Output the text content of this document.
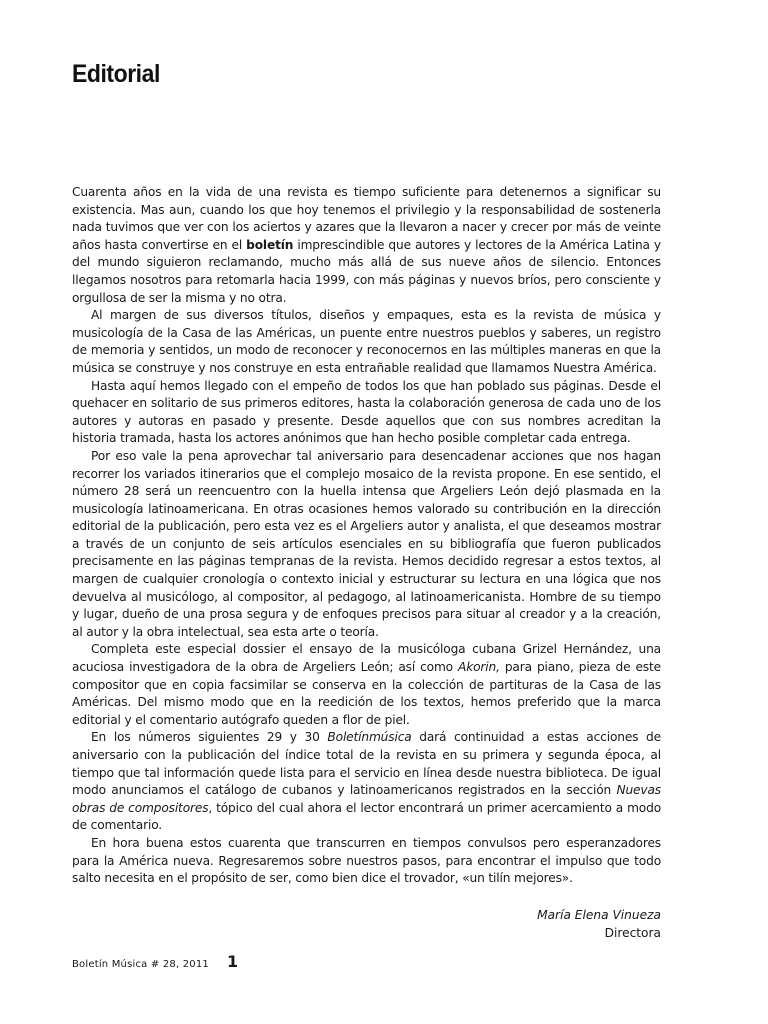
Editorial

Cuarenta años en la vida de una revista es tiempo suficiente para detenernos a significar su existencia. Mas aun, cuando los que hoy tenemos el privilegio y la responsabilidad de sostenerla nada tuvimos que ver con los aciertos y azares que la llevaron a nacer y crecer por más de veinte años hasta convertirse en el boletín imprescindible que autores y lectores de la América Latina y del mundo siguieron reclamando, mucho más allá de sus nueve años de silencio. Entonces llegamos nosotros para retomarla hacia 1999, con más páginas y nuevos bríos, pero consciente y orgullosa de ser la misma y no otra.

Al margen de sus diversos títulos, diseños y empaques, esta es la revista de música y musicología de la Casa de las Américas, un puente entre nuestros pueblos y saberes, un registro de memoria y sentidos, un modo de reconocer y reconocernos en las múltiples maneras en que la música se construye y nos construye en esta entrañable realidad que llamamos Nuestra América.

Hasta aquí hemos llegado con el empeño de todos los que han poblado sus páginas. Desde el quehacer en solitario de sus primeros editores, hasta la colaboración generosa de cada uno de los autores y autoras en pasado y presente. Desde aquellos que con sus nombres acreditan la historia tramada, hasta los actores anónimos que han hecho posible completar cada entrega.

Por eso vale la pena aprovechar tal aniversario para desencadenar acciones que nos hagan recorrer los variados itinerarios que el complejo mosaico de la revista propone. En ese sentido, el número 28 será un reencuentro con la huella intensa que Argeliers León dejó plasmada en la musicología latinoamericana. En otras ocasiones hemos valorado su contribución en la dirección editorial de la publicación, pero esta vez es el Argeliers autor y analista, el que deseamos mostrar a través de un conjunto de seis artículos esenciales en su bibliografía que fueron publicados precisamente en las páginas tempranas de la revista. Hemos decidido regresar a estos textos, al margen de cualquier cronología o contexto inicial y estructurar su lectura en una lógica que nos devuelva al musicólogo, al compositor, al pedagogo, al latinoamericanista. Hombre de su tiempo y lugar, dueño de una prosa segura y de enfoques precisos para situar al creador y a la creación, al autor y la obra intelectual, sea esta arte o teoría.

Completa este especial dossier el ensayo de la musicóloga cubana Grizel Hernández, una acuciosa investigadora de la obra de Argeliers León; así como Akorin, para piano, pieza de este compositor que en copia facsimilar se conserva en la colección de partituras de la Casa de las Américas. Del mismo modo que en la reedición de los textos, hemos preferido que la marca editorial y el comentario autógrafo queden a flor de piel.

En los números siguientes 29 y 30 Boletínmúsica dará continuidad a estas acciones de aniversario con la publicación del índice total de la revista en su primera y segunda época, al tiempo que tal información quede lista para el servicio en línea desde nuestra biblioteca. De igual modo anunciamos el catálogo de cubanos y latinoamericanos registrados en la sección Nuevas obras de compositores, tópico del cual ahora el lector encontrará un primer acercamiento a modo de comentario.

En hora buena estos cuarenta que transcurren en tiempos convulsos pero esperanzadores para la América nueva. Regresaremos sobre nuestros pasos, para encontrar el impulso que todo salto necesita en el propósito de ser, como bien dice el trovador, «un tilín mejores».

María Elena Vinueza
Directora
Boletín Música # 28, 2011 1
